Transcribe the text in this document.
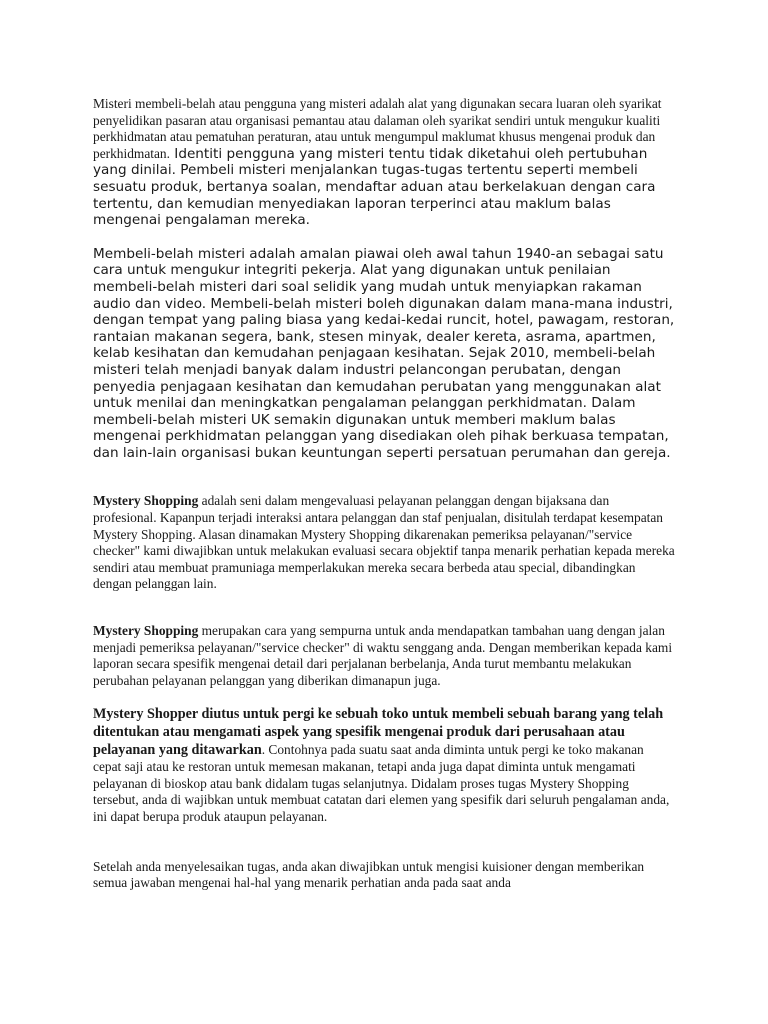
Misteri membeli-belah atau pengguna yang misteri adalah alat yang digunakan secara luaran oleh syarikat penyelidikan pasaran atau organisasi pemantau atau dalaman oleh syarikat sendiri untuk mengukur kualiti perkhidmatan atau pematuhan peraturan, atau untuk mengumpul maklumat khusus mengenai produk dan perkhidmatan. Identiti pengguna yang misteri tentu tidak diketahui oleh pertubuhan yang dinilai. Pembeli misteri menjalankan tugas-tugas tertentu seperti membeli sesuatu produk, bertanya soalan, mendaftar aduan atau berkelakuan dengan cara tertentu, dan kemudian menyediakan laporan terperinci atau maklum balas mengenai pengalaman mereka.

Membeli-belah misteri adalah amalan piawai oleh awal tahun 1940-an sebagai satu cara untuk mengukur integriti pekerja. Alat yang digunakan untuk penilaian membeli-belah misteri dari soal selidik yang mudah untuk menyiapkan rakaman audio dan video. Membeli-belah misteri boleh digunakan dalam mana-mana industri, dengan tempat yang paling biasa yang kedai-kedai runcit, hotel, pawagam, restoran, rantaian makanan segera, bank, stesen minyak, dealer kereta, asrama, apartmen, kelab kesihatan dan kemudahan penjagaan kesihatan. Sejak 2010, membeli-belah misteri telah menjadi banyak dalam industri pelancongan perubatan, dengan penyedia penjagaan kesihatan dan kemudahan perubatan yang menggunakan alat untuk menilai dan meningkatkan pengalaman pelanggan perkhidmatan. Dalam membeli-belah misteri UK semakin digunakan untuk memberi maklum balas mengenai perkhidmatan pelanggan yang disediakan oleh pihak berkuasa tempatan, dan lain-lain organisasi bukan keuntungan seperti persatuan perumahan dan gereja.

Mystery Shopping adalah seni dalam mengevaluasi pelayanan pelanggan dengan bijaksana dan profesional. Kapanpun terjadi interaksi antara pelanggan dan staf penjualan, disitulah terdapat kesempatan Mystery Shopping. Alasan dinamakan Mystery Shopping dikarenakan pemeriksa pelayanan/"service checker" kami diwajibkan untuk melakukan evaluasi secara objektif tanpa menarik perhatian kepada mereka sendiri atau membuat pramuniaga memperlakukan mereka secara berbeda atau special, dibandingkan dengan pelanggan lain.

Mystery Shopping merupakan cara yang sempurna untuk anda mendapatkan tambahan uang dengan jalan menjadi pemeriksa pelayanan/"service checker" di waktu senggang anda. Dengan memberikan kepada kami laporan secara spesifik mengenai detail dari perjalanan berbelanja, Anda turut membantu melakukan perubahan pelayanan pelanggan yang diberikan dimanapun juga.

Mystery Shopper diutus untuk pergi ke sebuah toko untuk membeli sebuah barang yang telah ditentukan atau mengamati aspek yang spesifik mengenai produk dari perusahaan atau pelayanan yang ditawarkan. Contohnya pada suatu saat anda diminta untuk pergi ke toko makanan cepat saji atau ke restoran untuk memesan makanan, tetapi anda juga dapat diminta untuk mengamati pelayanan di bioskop atau bank didalam tugas selanjutnya. Didalam proses tugas Mystery Shopping tersebut, anda di wajibkan untuk membuat catatan dari elemen yang spesifik dari seluruh pengalaman anda, ini dapat berupa produk ataupun pelayanan.

Setelah anda menyelesaikan tugas, anda akan diwajibkan untuk mengisi kuisioner dengan memberikan semua jawaban mengenai hal-hal yang menarik perhatian anda pada saat anda
